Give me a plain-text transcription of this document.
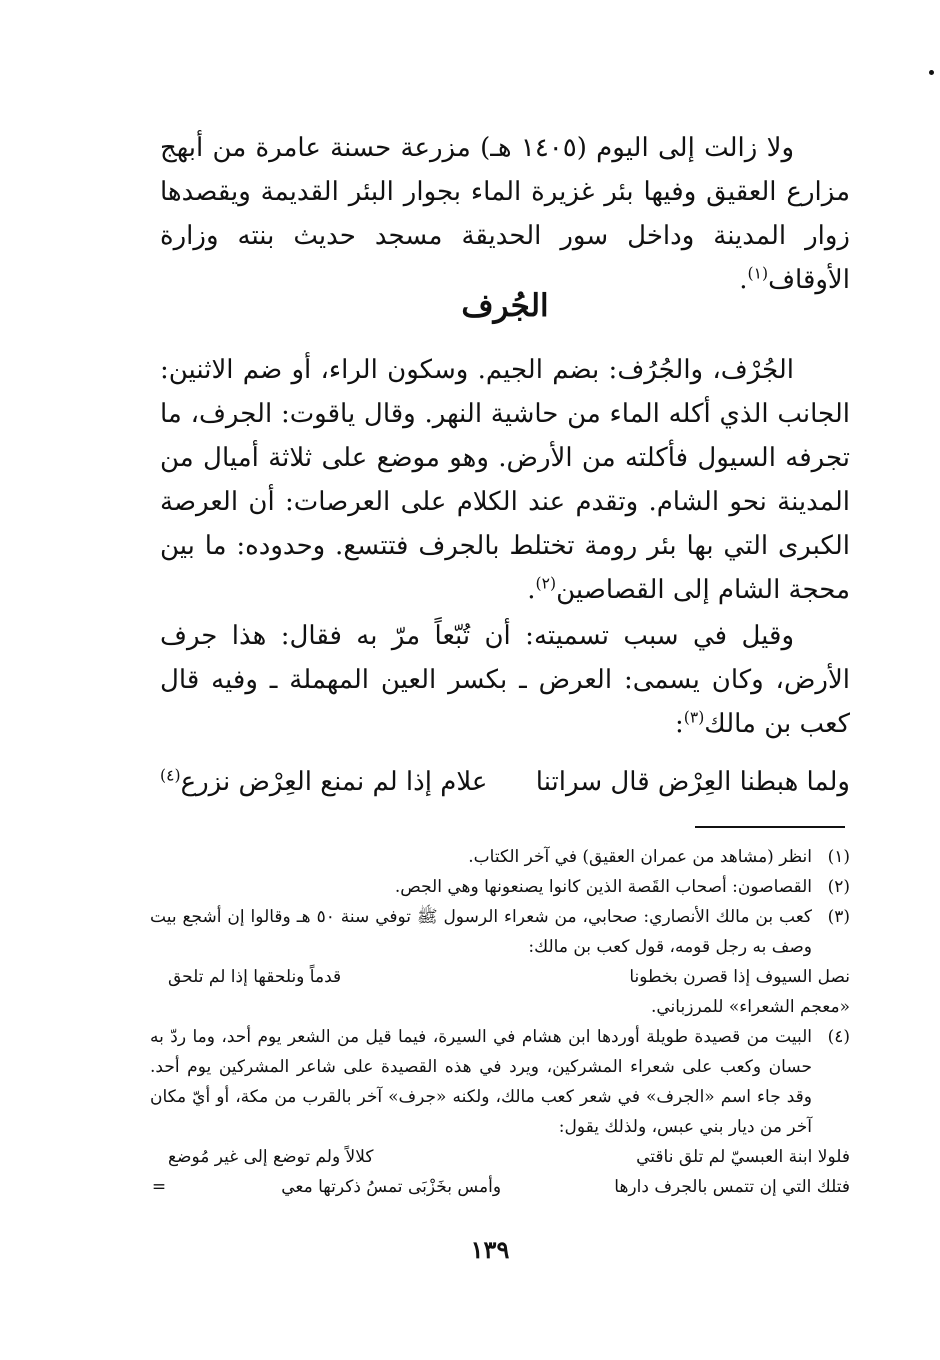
ولا زالت إلى اليوم (١٤٠٥ هـ) مزرعة حسنة عامرة من أبهج مزارع العقيق وفيها بئر غزيرة الماء بجوار البئر القديمة ويقصدها زوار المدينة وداخل سور الحديقة مسجد حديث بنته وزارة الأوقاف$^{(١)}$.

الجُرف

الجُرْف، والجُرُف: بضم الجيم. وسكون الراء، أو ضم الاثنين: الجانب الذي أكله الماء من حاشية النهر. وقال ياقوت: الجرف، ما تجرفه السيول فأكلته من الأرض. وهو موضع على ثلاثة أميال من المدينة نحو الشام. وتقدم عند الكلام على العرصات: أن العرصة الكبرى التي بها بئر رومة تختلط بالجرف فتتسع. وحدوده: ما بين محجة الشام إلى القصاصين$^{(٢)}$.

وقيل في سبب تسميته: أن تُبّعاً مرّ به فقال: هذا جرف الأرض، وكان يسمى: العرض ـ بكسر العين المهملة ـ وفيه قال كعب بن مالك$^{(٣)}$:

ولما هبطنا العِرْض قال سراتنا
علام إذا لم نمنع العِرْض نزرع$^{(٤)}$

(١)انظر (مشاهد من عمران العقيق) في آخر الكتاب.

(٢)القصاصون: أصحاب القَصة الذين كانوا يصنعونها وهي الجص.

(٣)كعب بن مالك الأنصاري: صحابي، من شعراء الرسول ﷺ توفي سنة ٥٠ هـ وقالوا إن أشجع بيت وصف به رجل قومه، قول كعب بن مالك:

نصل السيوف إذا قصرن بخطونا
قدماً ونلحقها إذا لم تلحق

«معجم الشعراء» للمرزباني.

(٤)البيت من قصيدة طويلة أوردها ابن هشام في السيرة، فيما قيل من الشعر يوم أحد، وما ردّ به حسان وكعب على شعراء المشركين، ويرد في هذه القصيدة على شاعر المشركين يوم أحد. وقد جاء اسم «الجرف» في شعر كعب مالك، ولكنه «جرف» آخر بالقرب من مكة، أو أيّ مكان آخر من ديار بني عبس، ولذلك يقول:

فلولا ابنة العبسيّ لم تلق ناقتي
كلالاً ولم توضع إلى غير مُوضع
فتلك التي إن تتمس بالجرف دارها
وأمس بخَزْبَى تمسُ ذكرتها معي
=
١٣٩
